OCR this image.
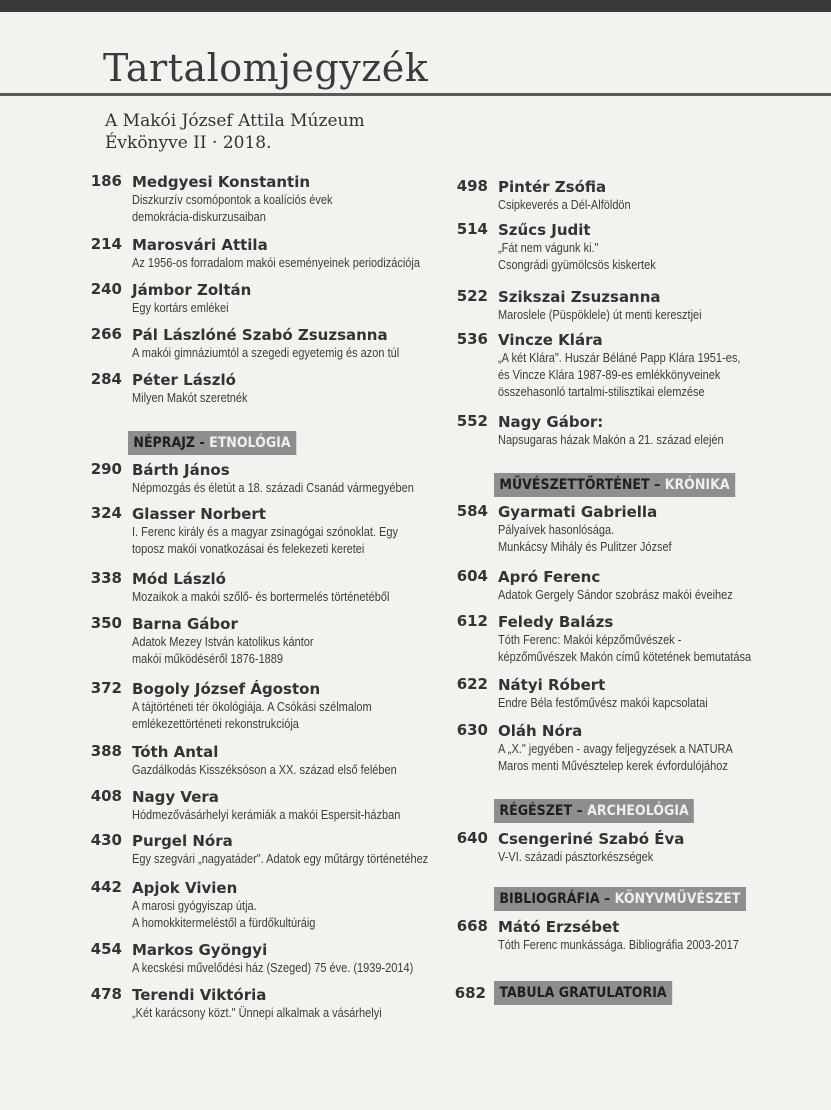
Tartalomjegyzék
A Makói József Attila Múzeum
Évkönyve II · 2018.
186 Medgyesi Konstantin
Diszkurzív csomópontok a koalíciós évek
demokrácia-diskurzusaiban
214 Marosvári Attila
Az 1956-os forradalom makói eseményeinek periodizációja
240 Jámbor Zoltán
Egy kortárs emlékei
266 Pál Lászlóné Szabó Zsuzsanna
A makói gimnáziumtól a szegedi egyetemig és azon túl
284 Péter László
Milyen Makót szeretnék
290 Bárth János
Népmozgás és életút a 18. századi Csanád vármegyében
324 Glasser Norbert
I. Ferenc király és a magyar zsinagógai szónoklat. Egy
toposz makói vonatkozásai és felekezeti keretei
338 Mód László
Mozaikok a makói szőlő- és bortermelés történetéből
350 Barna Gábor
Adatok Mezey István katolikus kántor
makói működéséről 1876-1889
372 Bogoly József Ágoston
A tájtörténeti tér ökológiája. A Csókási szélmalom
emlékezettörténeti rekonstrukciója
388 Tóth Antal
Gazdálkodás Kisszéksóson a XX. század első felében
408 Nagy Vera
Hódmezővásárhelyi kerámiák a makói Espersit-házban
430 Purgel Nóra
Egy szegvári „nagyatáder". Adatok egy műtárgy történetéhez
442 Apjok Vivien
A marosi gyógyiszap útja.
A homokkitermeléstől a fürdőkultúráig
454 Markos Gyöngyi
A kecskési művelődési ház (Szeged) 75 éve. (1939-2014)
478 Terendi Viktória
„Két karácsony közt." Ünnepi alkalmak a vásárhelyi
498 Pintér Zsófia
Csipkeverés a Dél-Alföldön
514 Szűcs Judit
„Fát nem vágunk ki."
Csongrádi gyümölcsös kiskertek
522 Szikszai Zsuzsanna
Maroslele (Püspöklele) út menti keresztjei
536 Vincze Klára
„A két Klára". Huszár Béláné Papp Klára 1951-es,
és Vincze Klára 1987-89-es emlékkönyveinek
összehasonló tartalmi-stilisztikai elemzése
552 Nagy Gábor:
Napsugaras házak Makón a 21. század elején
584 Gyarmati Gabriella
Pályaívek hasonlósága.
Munkácsy Mihály és Pulitzer József
604 Apró Ferenc
Adatok Gergely Sándor szobrász makói éveihez
612 Feledy Balázs
Tóth Ferenc: Makói képzőművészek -
képzőművészek Makón című kötetének bemutatása
622 Nátyi Róbert
Endre Béla festőművész makói kapcsolatai
630 Oláh Nóra
A „X." jegyében - avagy feljegyzések a NATURA
Maros menti Művésztelep kerek évfordulójához
640 Csengeriné Szabó Éva
V-VI. századi pásztorkészségek
668 Mátó Erzsébet
Tóth Ferenc munkássága. Bibliográfia 2003-2017
NÉPRAJZ - ETNOLÓGIA
MŰVÉSZETTÖRTÉNET – KRÓNIKA
RÉGÉSZET – ARCHEOLÓGIA
BIBLIOGRÁFIA – KÖNYVMŰVÉSZET
682 TABULA GRATULATORIA
